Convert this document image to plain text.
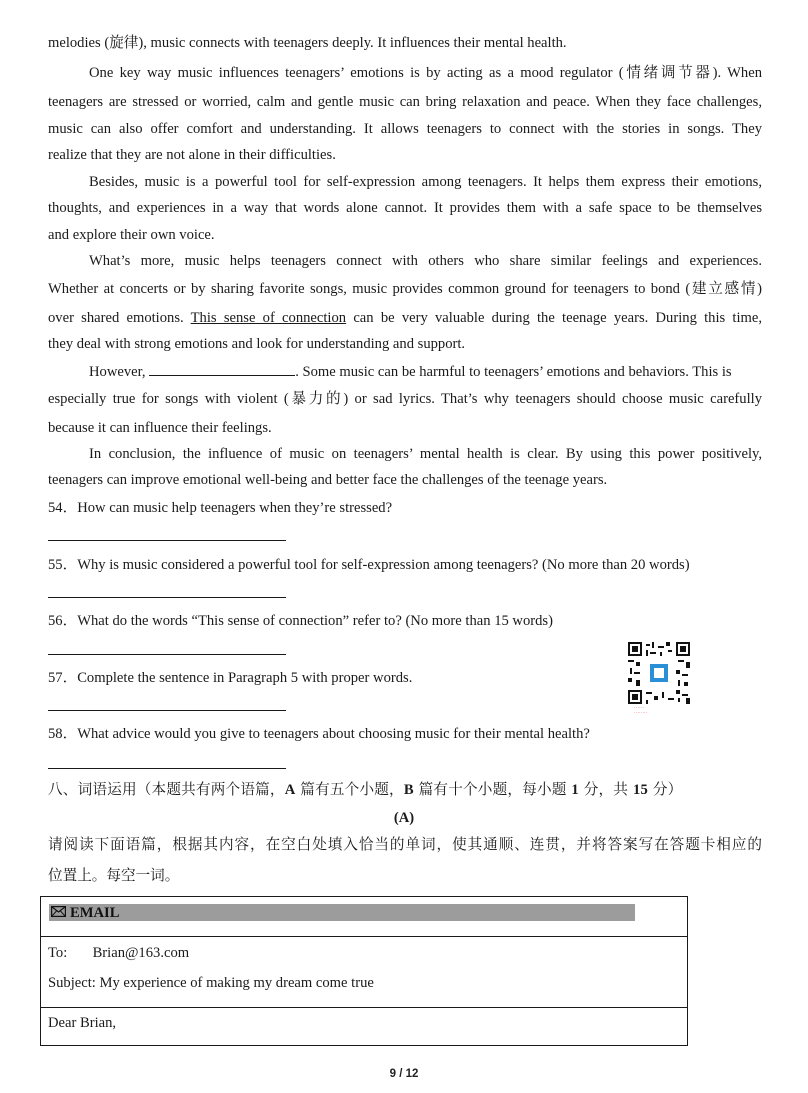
melodies (旋律), music connects with teenagers deeply. It influences their mental health.
One key way music influences teenagers’ emotions is by acting as a mood regulator (情绪调节器). When
teenagers are stressed or worried, calm and gentle music can bring relaxation and peace. When they face challenges,
music can also offer comfort and understanding. It allows teenagers to connect with the stories in songs. They
realize that they are not alone in their difficulties.
Besides, music is a powerful tool for self-expression among teenagers. It helps them express their emotions,
thoughts, and experiences in a way that words alone cannot. It provides them with a safe space to be themselves
and explore their own voice.
What’s more, music helps teenagers connect with others who share similar feelings and experiences.
Whether at concerts or by sharing favorite songs, music provides common ground for teenagers to bond (建立感情)
over shared emotions. This sense of connection can be very valuable during the teenage years. During this time,
they deal with strong emotions and look for understanding and support.
However,	. Some music can be harmful to teenagers’ emotions and behaviors. This is
especially true for songs with violent (暴力的) or sad lyrics. That’s why teenagers should choose music carefully
because it can influence their feelings.
In conclusion, the influence of music on teenagers’ mental health is clear. By using this power positively,
teenagers can improve emotional well-being and better face the challenges of the teenage years.
54．How can music help teenagers when they’re stressed?
55．Why is music considered a powerful tool for self-expression among teenagers? (No more than 20 words)
56．What do the words “This sense of connection” refer to? (No more than 15 words)
57．Complete the sentence in Paragraph 5 with proper words.
58．What advice would you give to teenagers about choosing music for their mental health?
······
········
八、词语运用（本题共有两个语篇，A 篇有五个小题，B 篇有十个小题，每小题 1 分，共 15 分）
(A)
请阅读下面语篇，根据其内容，在空白处填入恰当的单词，使其通顺、连贯，并将答案写在答题卡相应的
位置上。每空一词。
EMAIL
To: Brian@163.com
Subject: My experience of making my dream come true
Dear Brian,
9 / 12
